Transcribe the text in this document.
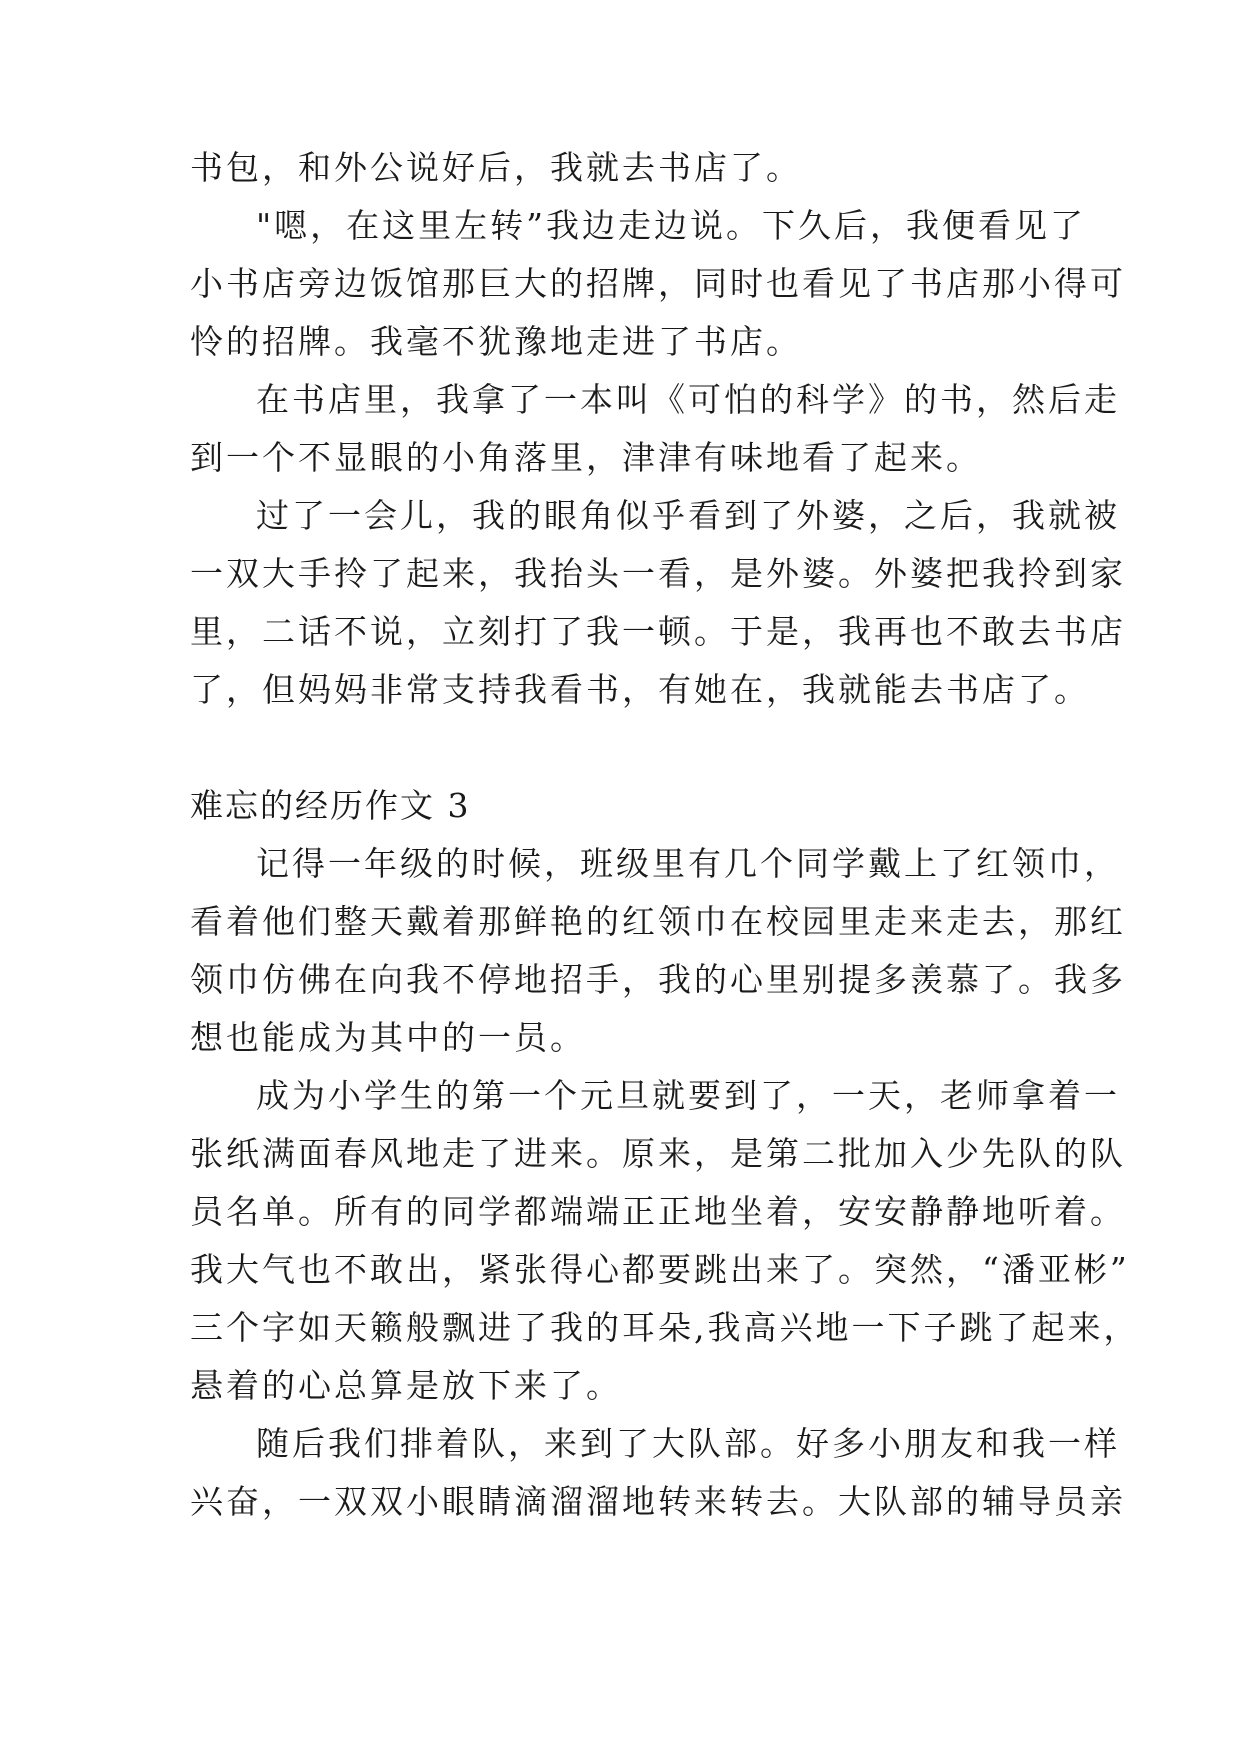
书包，和外公说好后，我就去书店了。
"嗯，在这里左转”我边走边说。下久后，我便看见了
小书店旁边饭馆那巨大的招牌，同时也看见了书店那小得可
怜的招牌。我毫不犹豫地走进了书店。
在书店里，我拿了一本叫《可怕的科学》的书，然后走
到一个不显眼的小角落里，津津有味地看了起来。
过了一会儿，我的眼角似乎看到了外婆，之后，我就被
一双大手拎了起来，我抬头一看，是外婆。外婆把我拎到家
里，二话不说，立刻打了我一顿。于是，我再也不敢去书店
了，但妈妈非常支持我看书，有她在，我就能去书店了。
难忘的经历作文 3
记得一年级的时候，班级里有几个同学戴上了红领巾，
看着他们整天戴着那鲜艳的红领巾在校园里走来走去，那红
领巾仿佛在向我不停地招手，我的心里别提多羡慕了。我多
想也能成为其中的一员。
成为小学生的第一个元旦就要到了，一天，老师拿着一
张纸满面春风地走了进来。原来，是第二批加入少先队的队
员名单。所有的同学都端端正正地坐着，安安静静地听着。
我大气也不敢出，紧张得心都要跳出来了。突然，“潘亚彬”
三个字如天籁般飘进了我的耳朵,我高兴地一下子跳了起来，
悬着的心总算是放下来了。
随后我们排着队，来到了大队部。好多小朋友和我一样
兴奋，一双双小眼睛滴溜溜地转来转去。大队部的辅导员亲
